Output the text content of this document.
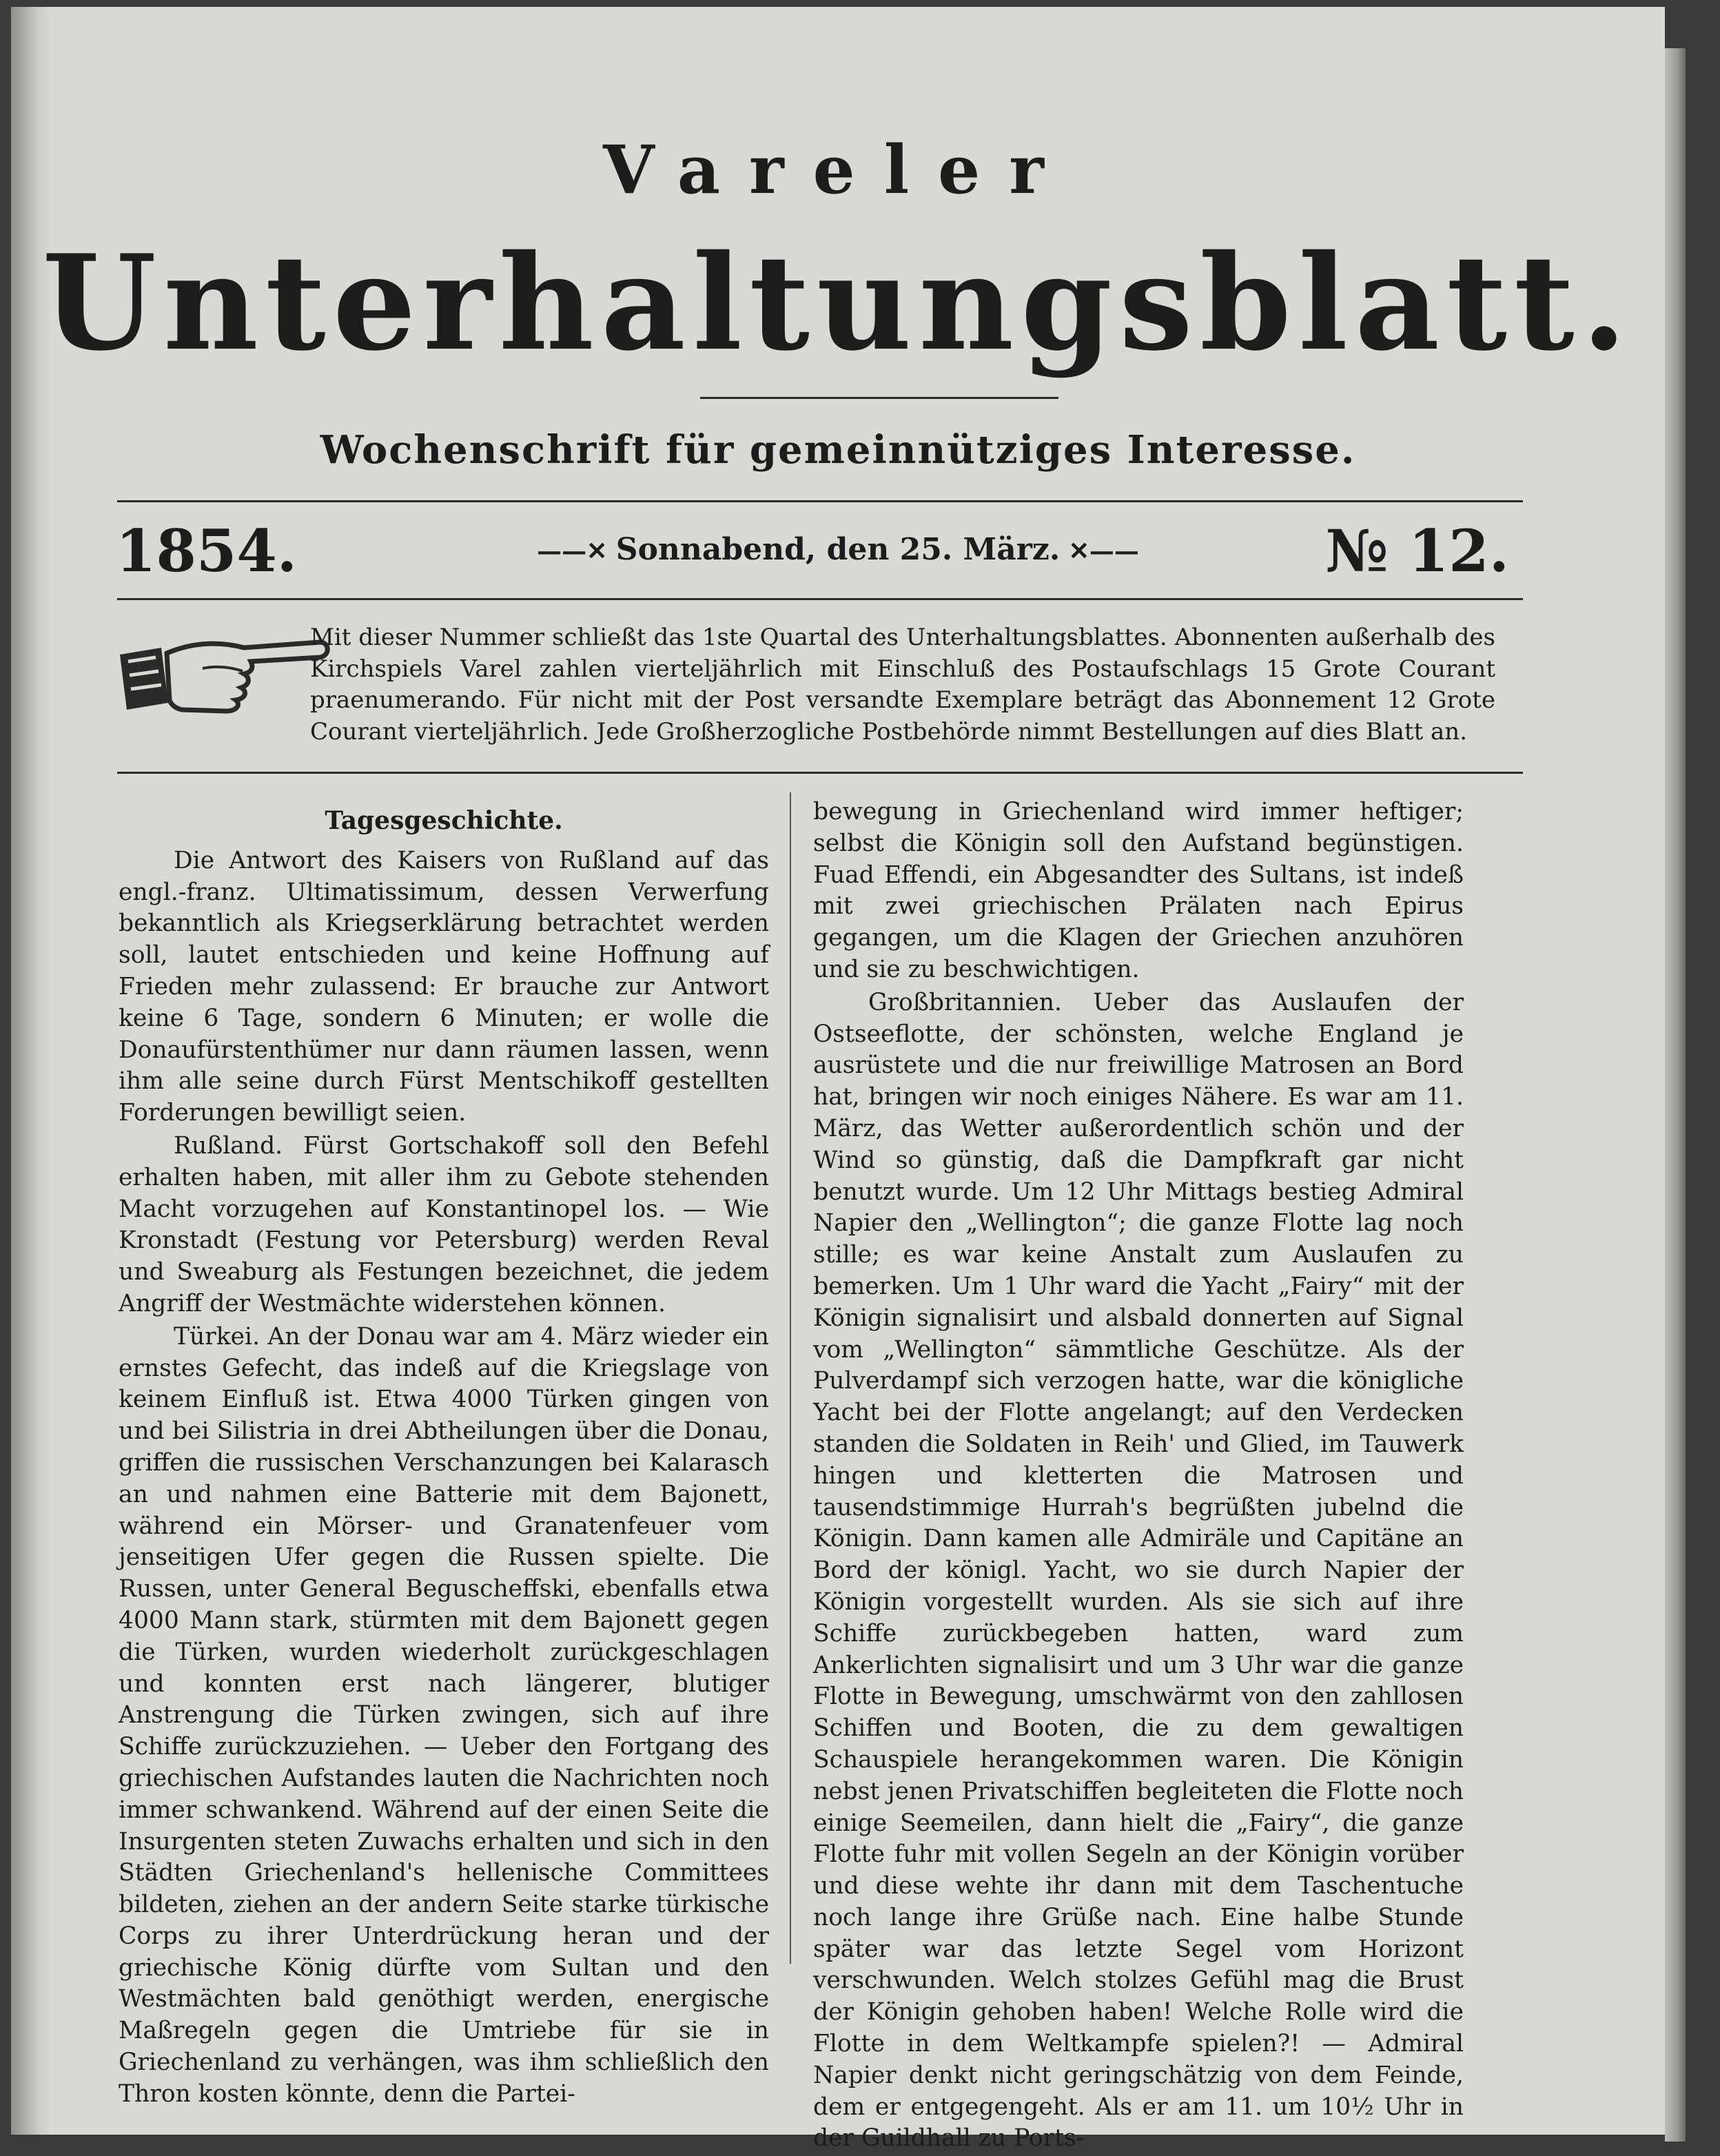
Vareler
Unterhaltungsblatt.
Wochenschrift für gemeinnütziges Interesse.
1854.	——✕ Sonnabend, den 25. März. ✕——	№ 12.
Mit dieser Nummer schließt das 1ste Quartal des Unterhaltungsblattes. Abonnenten außerhalb des Kirchspiels Varel zahlen vierteljährlich mit Einschluß des Postaufschlags 15 Grote Courant praenumerando. Für nicht mit der Post versandte Exemplare beträgt das Abonnement 12 Grote Courant vierteljährlich. Jede Großherzogliche Postbehörde nimmt Bestellungen auf dies Blatt an.
Tagesgeschichte.

Die Antwort des Kaisers von Rußland auf das engl.-franz. Ultimatissimum, dessen Verwerfung bekanntlich als Kriegserklärung betrachtet werden soll, lautet entschieden und keine Hoffnung auf Frieden mehr zulassend: Er brauche zur Antwort keine 6 Tage, sondern 6 Minuten; er wolle die Donaufürstenthümer nur dann räumen lassen, wenn ihm alle seine durch Fürst Mentschikoff gestellten Forderungen bewilligt seien.

Rußland. Fürst Gortschakoff soll den Befehl erhalten haben, mit aller ihm zu Gebote stehenden Macht vorzugehen auf Konstantinopel los. — Wie Kronstadt (Festung vor Petersburg) werden Reval und Sweaburg als Festungen bezeichnet, die jedem Angriff der Westmächte widerstehen können.

Türkei. An der Donau war am 4. März wieder ein ernstes Gefecht, das indeß auf die Kriegslage von keinem Einfluß ist. Etwa 4000 Türken gingen von und bei Silistria in drei Abtheilungen über die Donau, griffen die russischen Verschanzungen bei Kalarasch an und nahmen eine Batterie mit dem Bajonett, während ein Mörser- und Granatenfeuer vom jenseitigen Ufer gegen die Russen spielte. Die Russen, unter General Beguscheffski, ebenfalls etwa 4000 Mann stark, stürmten mit dem Bajonett gegen die Türken, wurden wiederholt zurückgeschlagen und konnten erst nach längerer, blutiger Anstrengung die Türken zwingen, sich auf ihre Schiffe zurückzuziehen. — Ueber den Fortgang des griechischen Aufstandes lauten die Nachrichten noch immer schwankend. Während auf der einen Seite die Insurgenten steten Zuwachs erhalten und sich in den Städten Griechenland's hellenische Committees bildeten, ziehen an der andern Seite starke türkische Corps zu ihrer Unterdrückung heran und der griechische König dürfte vom Sultan und den Westmächten bald genöthigt werden, energische Maßregeln gegen die Umtriebe für sie in Griechenland zu verhängen, was ihm schließlich den Thron kosten könnte, denn die Partei-

bewegung in Griechenland wird immer heftiger; selbst die Königin soll den Aufstand begünstigen. Fuad Effendi, ein Abgesandter des Sultans, ist indeß mit zwei griechischen Prälaten nach Epirus gegangen, um die Klagen der Griechen anzuhören und sie zu beschwichtigen.

Großbritannien. Ueber das Auslaufen der Ostseeflotte, der schönsten, welche England je ausrüstete und die nur freiwillige Matrosen an Bord hat, bringen wir noch einiges Nähere. Es war am 11. März, das Wetter außerordentlich schön und der Wind so günstig, daß die Dampfkraft gar nicht benutzt wurde. Um 12 Uhr Mittags bestieg Admiral Napier den „Wellington“; die ganze Flotte lag noch stille; es war keine Anstalt zum Auslaufen zu bemerken. Um 1 Uhr ward die Yacht „Fairy“ mit der Königin signalisirt und alsbald donnerten auf Signal vom „Wellington“ sämmtliche Geschütze. Als der Pulverdampf sich verzogen hatte, war die königliche Yacht bei der Flotte angelangt; auf den Verdecken standen die Soldaten in Reih' und Glied, im Tauwerk hingen und kletterten die Matrosen und tausendstimmige Hurrah's begrüßten jubelnd die Königin. Dann kamen alle Admiräle und Capitäne an Bord der königl. Yacht, wo sie durch Napier der Königin vorgestellt wurden. Als sie sich auf ihre Schiffe zurückbegeben hatten, ward zum Ankerlichten signalisirt und um 3 Uhr war die ganze Flotte in Bewegung, umschwärmt von den zahllosen Schiffen und Booten, die zu dem gewaltigen Schauspiele herangekommen waren. Die Königin nebst jenen Privatschiffen begleiteten die Flotte noch einige Seemeilen, dann hielt die „Fairy“, die ganze Flotte fuhr mit vollen Segeln an der Königin vorüber und diese wehte ihr dann mit dem Taschentuche noch lange ihre Grüße nach. Eine halbe Stunde später war das letzte Segel vom Horizont verschwunden. Welch stolzes Gefühl mag die Brust der Königin gehoben haben! Welche Rolle wird die Flotte in dem Weltkampfe spielen?! — Admiral Napier denkt nicht geringschätzig von dem Feinde, dem er entgegengeht. Als er am 11. um 10½ Uhr in der Guildhall zu Ports-
